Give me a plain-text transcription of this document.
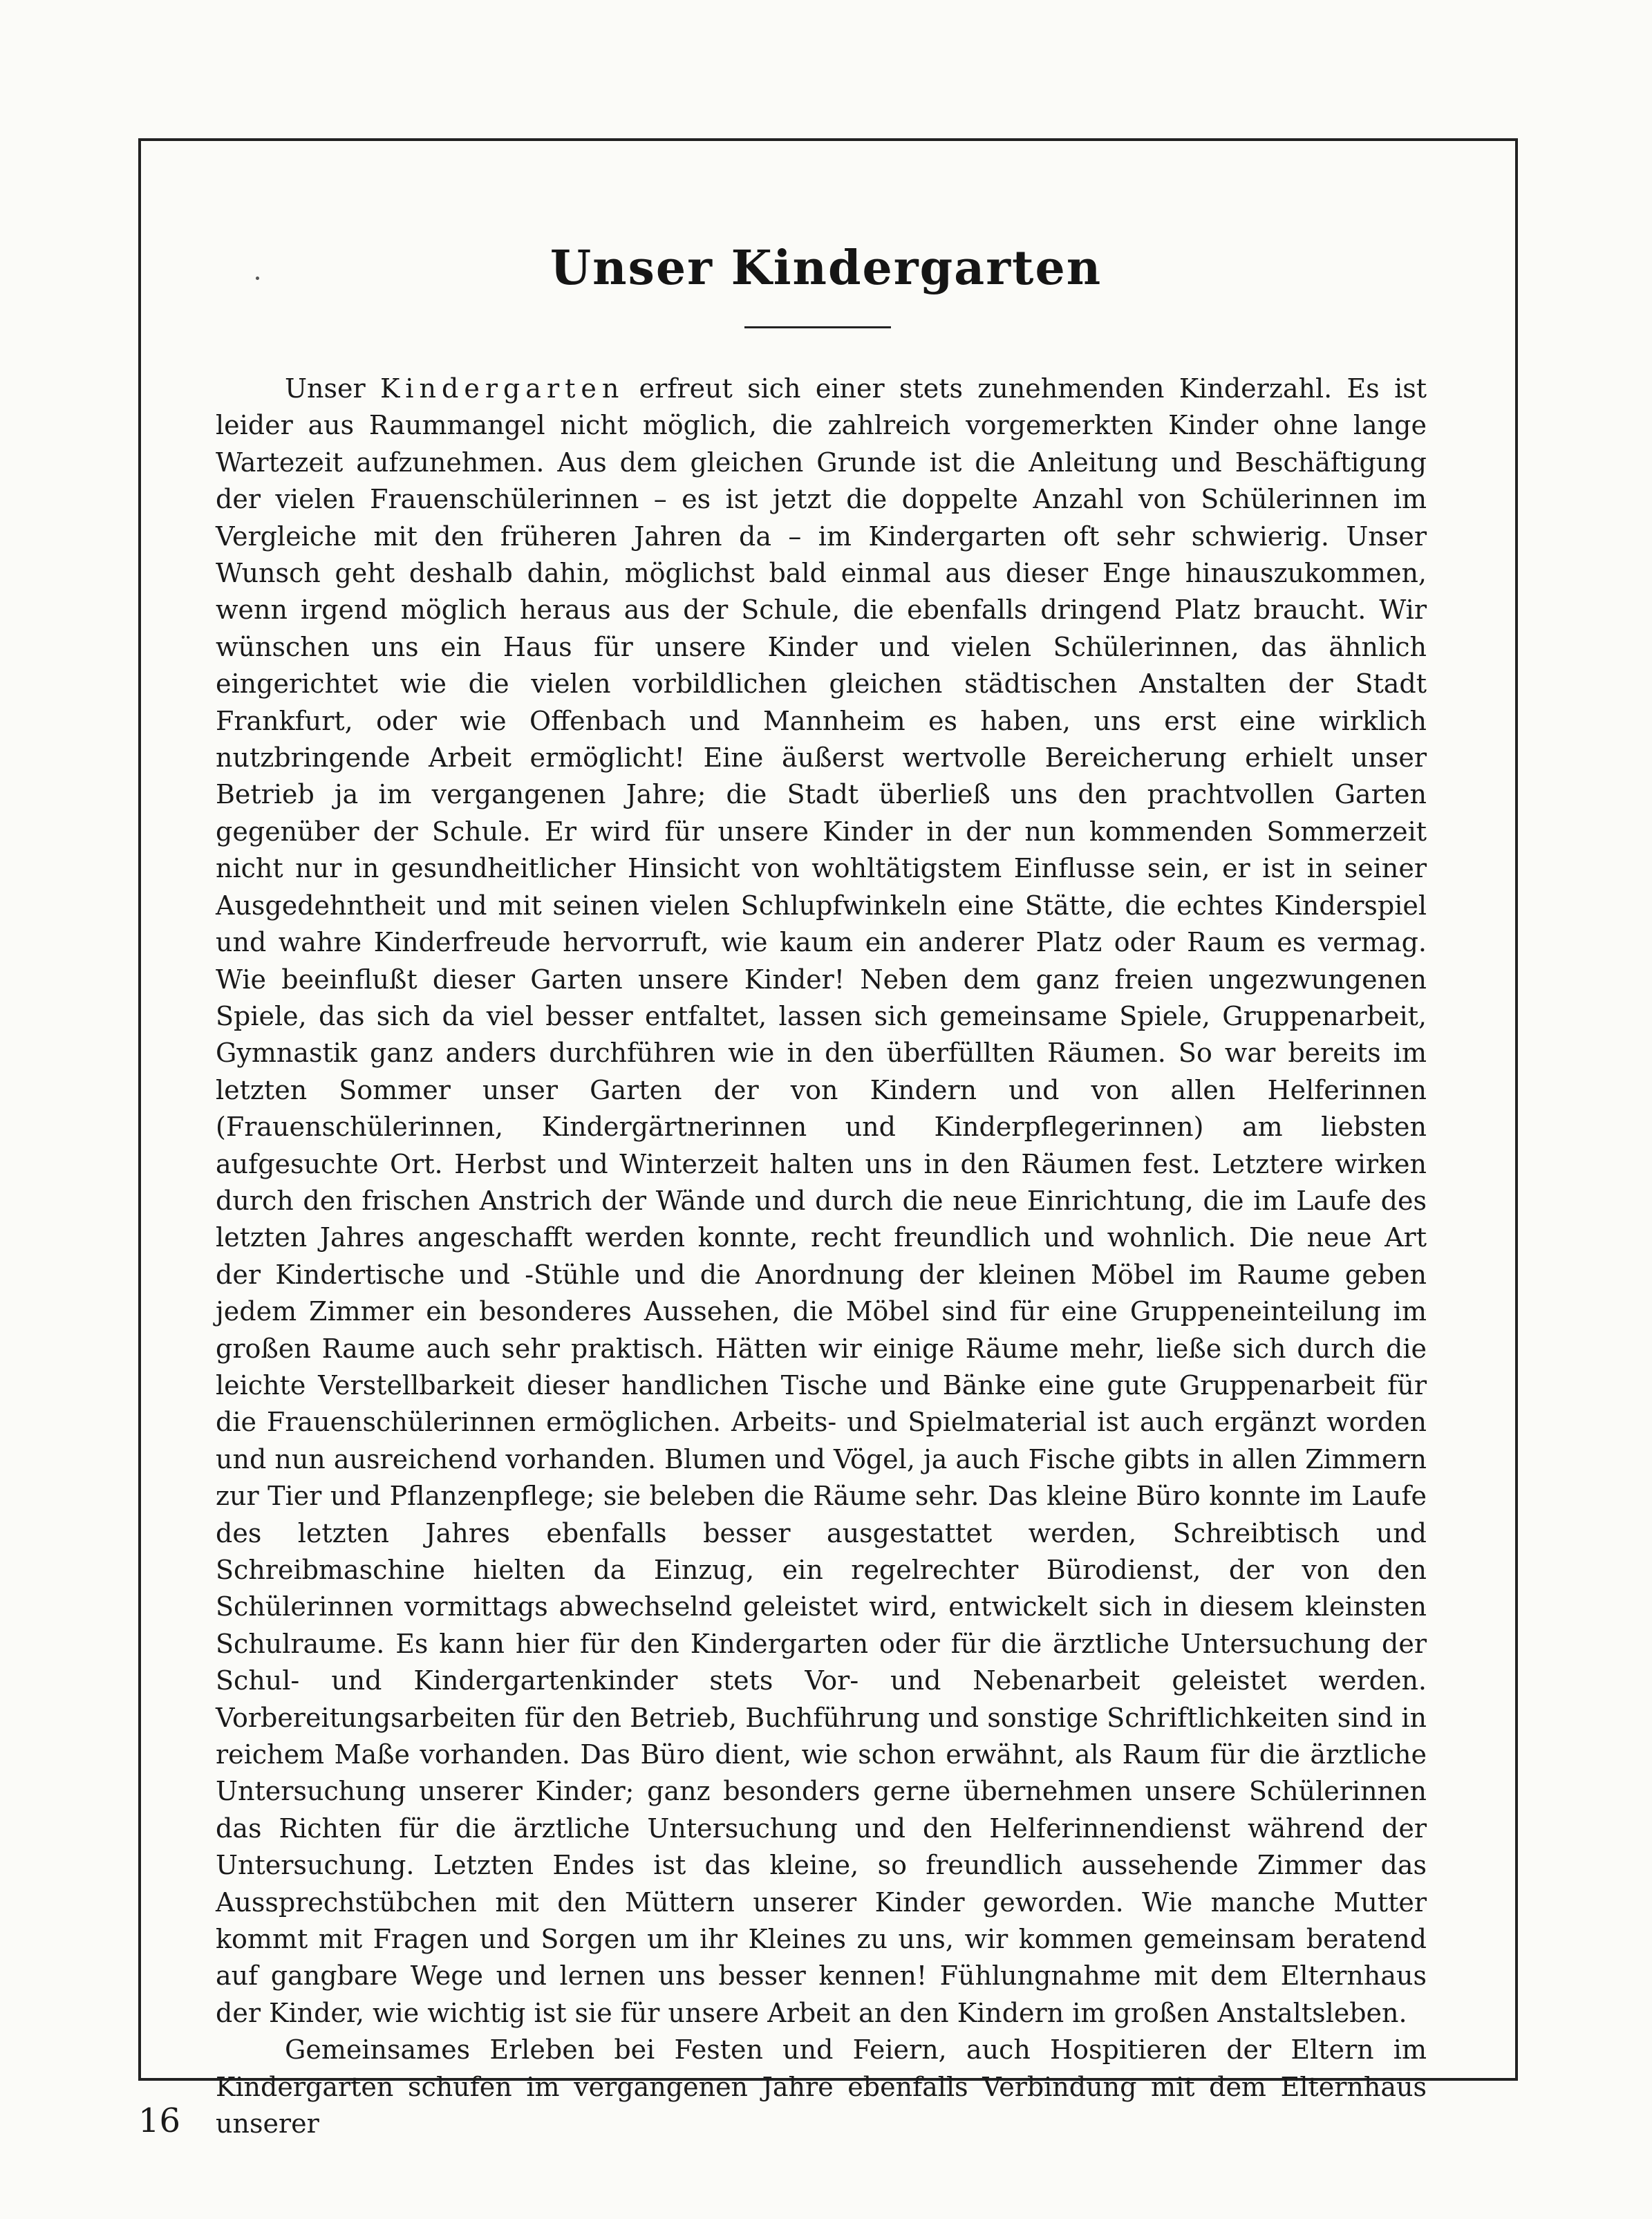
Unser Kindergarten

Unser Kindergarten erfreut sich einer stets zunehmenden Kinderzahl. Es ist leider aus Raummangel nicht möglich, die zahlreich vorgemerkten Kinder ohne lange Wartezeit aufzunehmen. Aus dem gleichen Grunde ist die Anleitung und Beschäftigung der vielen Frauenschülerinnen – es ist jetzt die doppelte Anzahl von Schülerinnen im Vergleiche mit den früheren Jahren da – im Kindergarten oft sehr schwierig. Unser Wunsch geht deshalb dahin, möglichst bald einmal aus dieser Enge hinauszukommen, wenn irgend möglich heraus aus der Schule, die ebenfalls dringend Platz braucht. Wir wünschen uns ein Haus für unsere Kinder und vielen Schülerinnen, das ähnlich eingerichtet wie die vielen vorbildlichen gleichen städtischen Anstalten der Stadt Frankfurt, oder wie Offenbach und Mannheim es haben, uns erst eine wirklich nutzbringende Arbeit ermöglicht! Eine äußerst wertvolle Bereicherung erhielt unser Betrieb ja im vergangenen Jahre; die Stadt überließ uns den prachtvollen Garten gegenüber der Schule. Er wird für unsere Kinder in der nun kommenden Sommerzeit nicht nur in gesundheitlicher Hinsicht von wohltätigstem Einflusse sein, er ist in seiner Ausgedehntheit und mit seinen vielen Schlupfwinkeln eine Stätte, die echtes Kinderspiel und wahre Kinderfreude hervorruft, wie kaum ein anderer Platz oder Raum es vermag. Wie beeinflußt dieser Garten unsere Kinder! Neben dem ganz freien ungezwungenen Spiele, das sich da viel besser entfaltet, lassen sich gemeinsame Spiele, Gruppenarbeit, Gymnastik ganz anders durchführen wie in den überfüllten Räumen. So war bereits im letzten Sommer unser Garten der von Kindern und von allen Helferinnen (Frauenschülerinnen, Kindergärtnerinnen und Kinderpflegerinnen) am liebsten aufgesuchte Ort. Herbst und Winterzeit halten uns in den Räumen fest. Letztere wirken durch den frischen Anstrich der Wände und durch die neue Einrichtung, die im Laufe des letzten Jahres angeschafft werden konnte, recht freundlich und wohnlich. Die neue Art der Kindertische und -Stühle und die Anordnung der kleinen Möbel im Raume geben jedem Zimmer ein besonderes Aussehen, die Möbel sind für eine Gruppeneinteilung im großen Raume auch sehr praktisch. Hätten wir einige Räume mehr, ließe sich durch die leichte Verstellbarkeit dieser handlichen Tische und Bänke eine gute Gruppenarbeit für die Frauenschülerinnen ermöglichen. Arbeits- und Spielmaterial ist auch ergänzt worden und nun ausreichend vorhanden. Blumen und Vögel, ja auch Fische gibts in allen Zimmern zur Tier und Pflanzenpflege; sie beleben die Räume sehr. Das kleine Büro konnte im Laufe des letzten Jahres ebenfalls besser ausgestattet werden, Schreibtisch und Schreibmaschine hielten da Einzug, ein regelrechter Bürodienst, der von den Schülerinnen vormittags abwechselnd geleistet wird, entwickelt sich in diesem kleinsten Schulraume. Es kann hier für den Kindergarten oder für die ärztliche Untersuchung der Schul- und Kindergartenkinder stets Vor- und Nebenarbeit geleistet werden. Vorbereitungsarbeiten für den Betrieb, Buchführung und sonstige Schriftlichkeiten sind in reichem Maße vorhanden. Das Büro dient, wie schon erwähnt, als Raum für die ärztliche Untersuchung unserer Kinder; ganz besonders gerne übernehmen unsere Schülerinnen das Richten für die ärztliche Untersuchung und den Helferinnendienst während der Untersuchung. Letzten Endes ist das kleine, so freundlich aussehende Zimmer das Aussprechstübchen mit den Müttern unserer Kinder geworden. Wie manche Mutter kommt mit Fragen und Sorgen um ihr Kleines zu uns, wir kommen gemeinsam beratend auf gangbare Wege und lernen uns besser kennen! Fühlungnahme mit dem Elternhaus der Kinder, wie wichtig ist sie für unsere Arbeit an den Kindern im großen Anstaltsleben.

Gemeinsames Erleben bei Festen und Feiern, auch Hospitieren der Eltern im Kindergarten schufen im vergangenen Jahre ebenfalls Verbindung mit dem Elternhaus unserer

16
